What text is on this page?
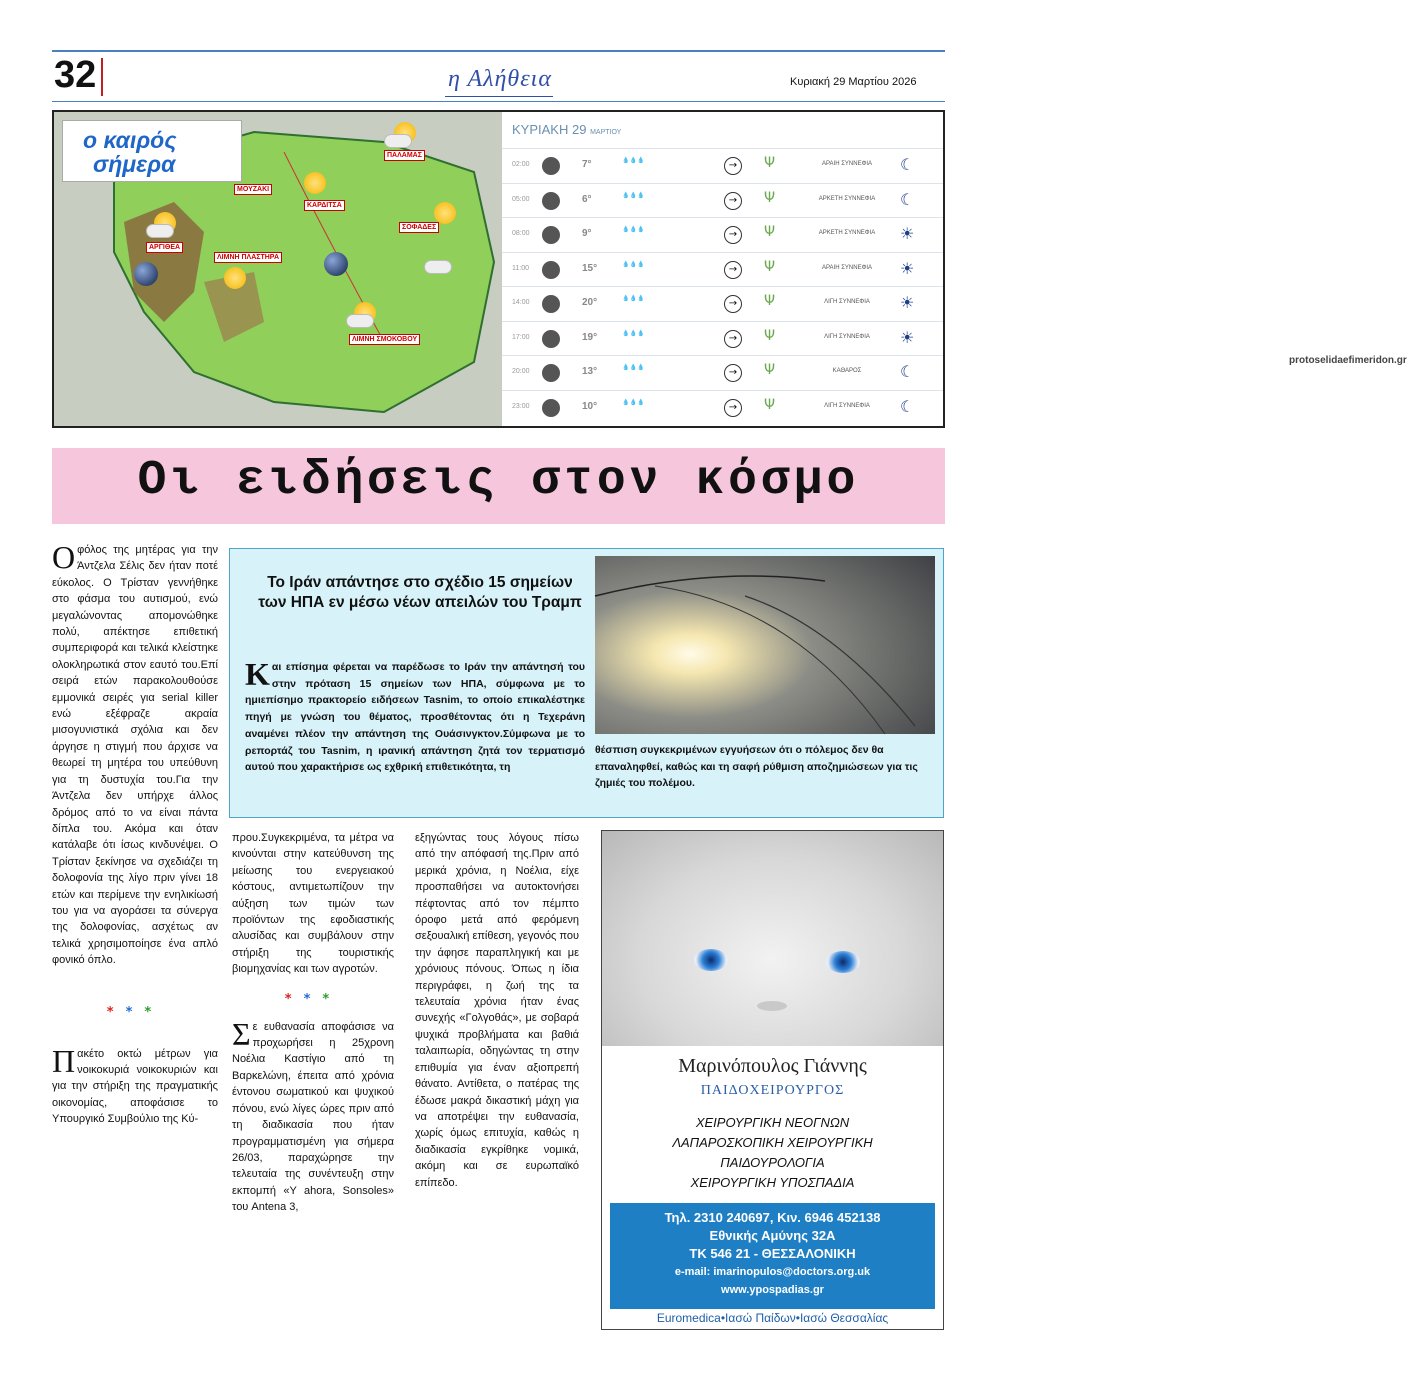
32	η Αλήθεια	Κυριακή 29 Μαρτίου 2026
ο καιρός
σήμερα	ΠΑΛΑΜΑΣ
ΜΟΥΖΑΚΙ
ΚΑΡΔΙΤΣΑ
ΣΟΦΑΔΕΣ
ΑΡΓΙΘΕΑ
ΛΙΜΝΗ ΠΛΑΣΤΗΡΑ
ΛΙΜΝΗ ΣΜΟΚΟΒΟΥ
ΚΥΡΙΑΚΗ 29 ΜΑΡΤΙΟΥ
02:00	7°	💧💧💧	→	Ψ	ΑΡΑΙΗ ΣΥΝΝΕΦΙΑ	☾
05:00	6°	💧💧💧	→	Ψ	ΑΡΚΕΤΗ ΣΥΝΝΕΦΙΑ	☾
08:00	9°	💧💧💧	→	Ψ	ΑΡΚΕΤΗ ΣΥΝΝΕΦΙΑ	☀
11:00	15°	💧💧💧	→	Ψ	ΑΡΑΙΗ ΣΥΝΝΕΦΙΑ	☀
14:00	20°	💧💧💧	→	Ψ	ΛΙΓΗ ΣΥΝΝΕΦΙΑ	☀
17:00	19°	💧💧💧	→	Ψ	ΛΙΓΗ ΣΥΝΝΕΦΙΑ	☀
20:00	13°	💧💧💧	→	Ψ	ΚΑΘΑΡΟΣ	☾
23:00	10°	💧💧💧	→	Ψ	ΛΙΓΗ ΣΥΝΝΕΦΙΑ	☾
protoselidaefimeridon.gr
Οι ειδήσεις στον κόσμο
Οφόλος της μητέρας για την Άντζελα Σέλις δεν ήταν ποτέ εύκολος. Ο Τρίσταν γεννήθηκε στο φάσμα του αυτισμού, ενώ μεγαλώνοντας απομονώθηκε πολύ, απέκτησε επιθετική συμπεριφορά και τελικά κλείστηκε ολοκληρωτικά στον εαυτό του.Επί σειρά ετών παρακολουθούσε εμμονικά σειρές για serial killer ενώ εξέφραζε ακραία μισογυνιστικά σχόλια και δεν άργησε η στιγμή που άρχισε να θεωρεί τη μητέρα του υπεύθυνη για τη δυστυχία του.Για την Άντζελα δεν υπήρχε άλλος δρόμος από το να είναι πάντα δίπλα του. Ακόμα και όταν κατάλαβε ότι ίσως κινδυνέψει. Ο Τρίσταν ξεκίνησε να σχεδιάζει τη δολοφονία της λίγο πριν γίνει 18 ετών και περίμενε την ενηλικίωσή του για να αγοράσει τα σύνεργα της δολοφονίας, ασχέτως αν τελικά χρησιμοποίησε ένα απλό φονικό όπλο.
***
Πακέτο οκτώ μέτρων για νοικοκυριά νοικοκυριών και για την στήριξη της πραγματικής οικονομίας, αποφάσισε το Υπουργικό Συμβούλιο της Κύ-
Το Ιράν απάντησε στο σχέδιο 15 σημείων των ΗΠΑ εν μέσω νέων απειλών του Τραμπ
Και επίσημα φέρεται να παρέδωσε το Ιράν την απάντησή του στην πρόταση 15 σημείων των ΗΠΑ, σύμφωνα με το ημιεπίσημο πρακτορείο ειδήσεων Tasnim, το οποίο επικαλέστηκε πηγή με γνώση του θέματος, προσθέτοντας ότι η Τεχεράνη αναμένει πλέον την απάντηση της Ουάσινγκτον.Σύμφωνα με το ρεπορτάζ του Tasnim, η ιρανική απάντηση ζητά τον τερματισμό αυτού που χαρακτήρισε ως εχθρική επιθετικότητα, τη
θέσπιση συγκεκριμένων εγγυήσεων ότι ο πόλεμος δεν θα επαναληφθεί, καθώς και τη σαφή ρύθμιση αποζημιώσεων για τις ζημιές του πολέμου.
πρου.Συγκεκριμένα, τα μέτρα να κινούνται στην κατεύθυνση της μείωσης του ενεργειακού κόστους, αντιμετωπίζουν την αύξηση των τιμών των προϊόντων της εφοδιαστικής αλυσίδας και συμβάλουν στην στήριξη της τουριστικής βιομηχανίας και των αγροτών.
***
Σε ευθανασία αποφάσισε να προχωρήσει η 25χρονη Νοέλια Καστίγιο από τη Βαρκελώνη, έπειτα από χρόνια έντονου σωματικού και ψυχικού πόνου, ενώ λίγες ώρες πριν από τη διαδικασία που ήταν προγραμματισμένη για σήμερα 26/03, παραχώρησε την τελευταία της συνέντευξη στην εκπομπή «Y ahora, Sonsoles» του Antena 3,
εξηγώντας τους λόγους πίσω από την απόφασή της.Πριν από μερικά χρόνια, η Νοέλια, είχε προσπαθήσει να αυτοκτονήσει πέφτοντας από τον πέμπτο όροφο μετά από φερόμενη σεξουαλική επίθεση, γεγονός που την άφησε παραπληγική και με χρόνιους πόνους. Όπως η ίδια περιγράφει, η ζωή της τα τελευταία χρόνια ήταν ένας συνεχής «Γολγοθάς», με σοβαρά ψυχικά προβλήματα και βαθιά ταλαιπωρία, οδηγώντας τη στην επιθυμία για έναν αξιοπρεπή θάνατο. Αντίθετα, ο πατέρας της έδωσε μακρά δικαστική μάχη για να αποτρέψει την ευθανασία, χωρίς όμως επιτυχία, καθώς η διαδικασία εγκρίθηκε νομικά, ακόμη και σε ευρωπαϊκό επίπεδο.
Μαρινόπουλος Γιάννης
ΠΑΙΔΟΧΕΙΡΟΥΡΓΟΣ
ΧΕΙΡΟΥΡΓΙΚΗ ΝΕΟΓΝΩΝ
ΛΑΠΑΡΟΣΚΟΠΙΚΗ ΧΕΙΡΟΥΡΓΙΚΗ
ΠΑΙΔΟΥΡΟΛΟΓΙΑ
ΧΕΙΡΟΥΡΓΙΚΗ ΥΠΟΣΠΑΔΙΑ
Τηλ. 2310 240697, Κιν. 6946 452138
Εθνικής Αμύνης 32Α
ΤΚ 546 21 - ΘΕΣΣΑΛΟΝΙΚΗ
e-mail: imarinopulos@doctors.org.uk
www.ypospadias.gr
Euromedica•Ιασώ Παίδων•Ιασώ Θεσσαλίας
